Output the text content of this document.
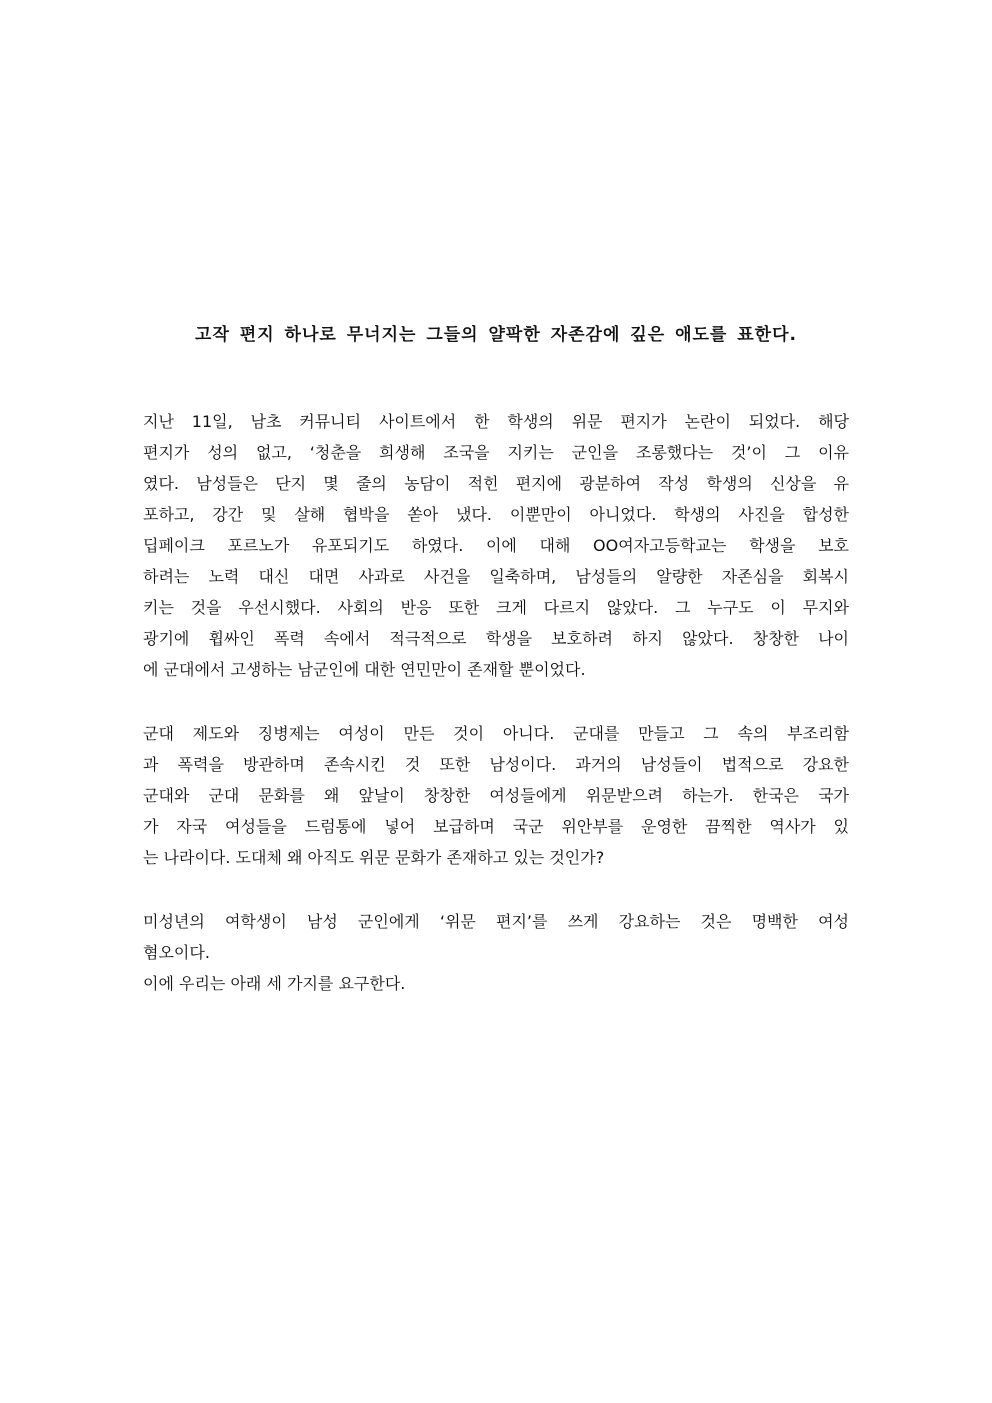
고작 편지 하나로 무너지는 그들의 얄팍한 자존감에 깊은 애도를 표한다.
지난 11일, 남초 커뮤니티 사이트에서 한 학생의 위문 편지가 논란이 되었다. 해당
편지가 성의 없고, ‘청춘을 희생해 조국을 지키는 군인을 조롱했다는 것’이 그 이유
였다. 남성들은 단지 몇 줄의 농담이 적힌 편지에 광분하여 작성 학생의 신상을 유
포하고, 강간 및 살해 협박을 쏟아 냈다. 이뿐만이 아니었다. 학생의 사진을 합성한
딥페이크 포르노가 유포되기도 하였다. 이에 대해 OO여자고등학교는 학생을 보호
하려는 노력 대신 대면 사과로 사건을 일축하며, 남성들의 알량한 자존심을 회복시
키는 것을 우선시했다. 사회의 반응 또한 크게 다르지 않았다. 그 누구도 이 무지와
광기에 휩싸인 폭력 속에서 적극적으로 학생을 보호하려 하지 않았다. 창창한 나이
에 군대에서 고생하는 남군인에 대한 연민만이 존재할 뿐이었다.
군대 제도와 징병제는 여성이 만든 것이 아니다. 군대를 만들고 그 속의 부조리함
과 폭력을 방관하며 존속시킨 것 또한 남성이다. 과거의 남성들이 법적으로 강요한
군대와 군대 문화를 왜 앞날이 창창한 여성들에게 위문받으려 하는가. 한국은 국가
가 자국 여성들을 드럼통에 넣어 보급하며 국군 위안부를 운영한 끔찍한 역사가 있
는 나라이다. 도대체 왜 아직도 위문 문화가 존재하고 있는 것인가?
미성년의 여학생이 남성 군인에게 ‘위문 편지’를 쓰게 강요하는 것은 명백한 여성
혐오이다.
이에 우리는 아래 세 가지를 요구한다.
